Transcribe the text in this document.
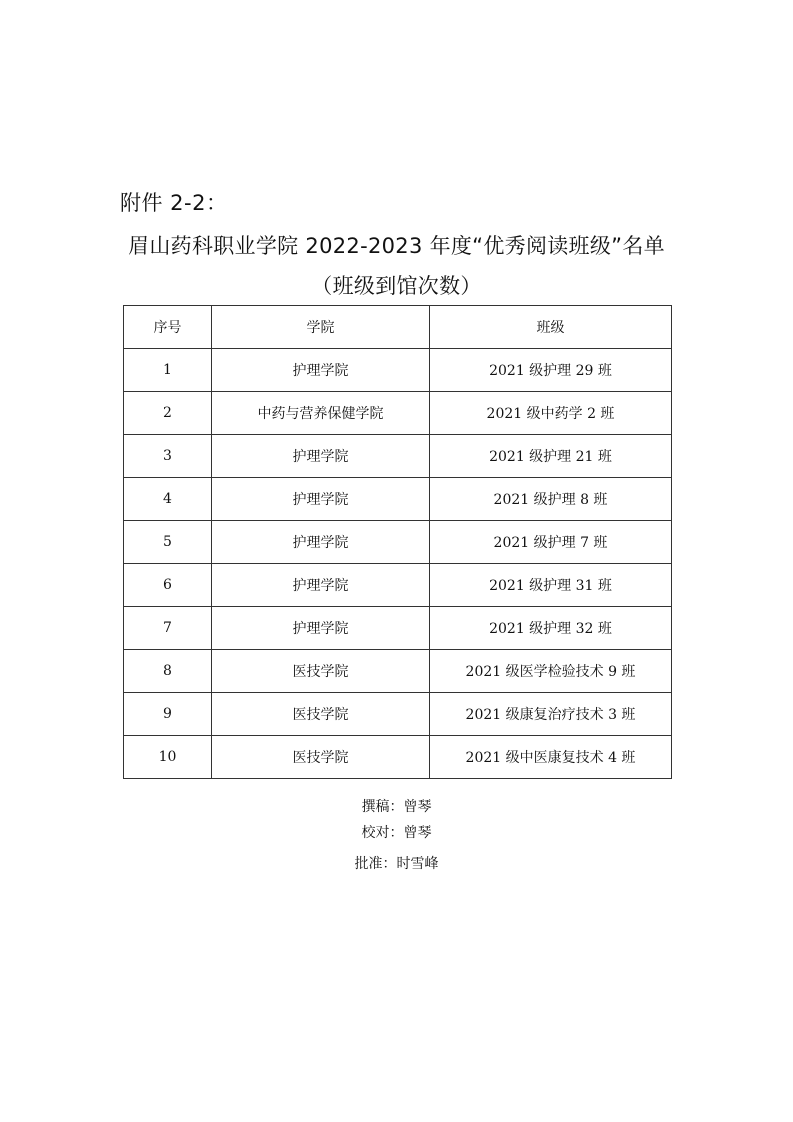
附件 2-2：
眉山药科职业学院 2022-2023 年度“优秀阅读班级”名单
（班级到馆次数）
序号	学院	班级
1	护理学院	2021 级护理 29 班
2	中药与营养保健学院	2021 级中药学 2 班
3	护理学院	2021 级护理 21 班
4	护理学院	2021 级护理 8 班
5	护理学院	2021 级护理 7 班
6	护理学院	2021 级护理 31 班
7	护理学院	2021 级护理 32 班
8	医技学院	2021 级医学检验技术 9 班
9	医技学院	2021 级康复治疗技术 3 班
10	医技学院	2021 级中医康复技术 4 班
撰稿：曾琴
校对：曾琴
批准：时雪峰
